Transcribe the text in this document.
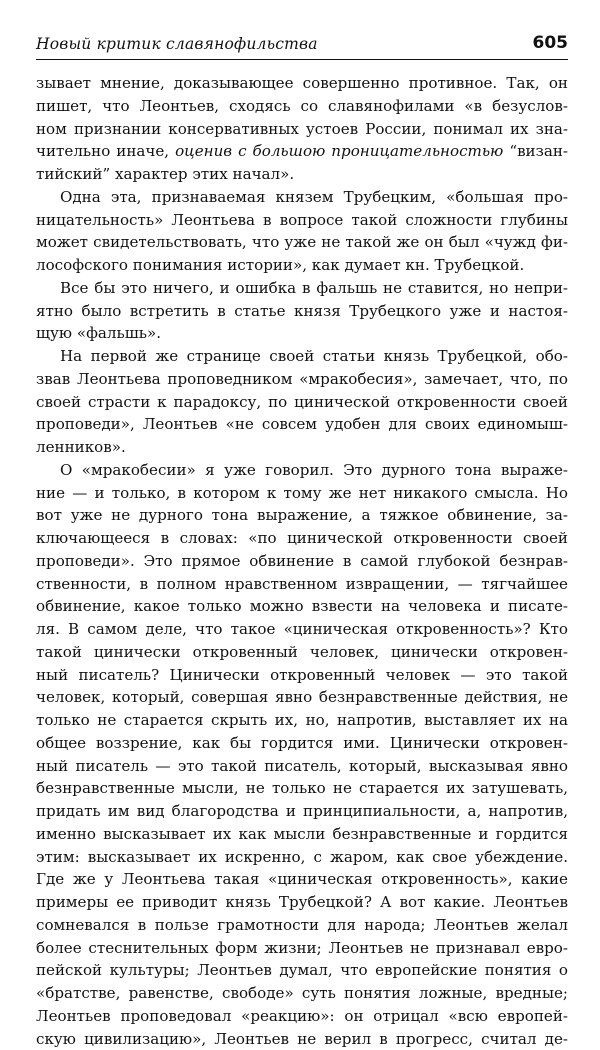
Новый критик славянофильства	605
зывает мнение, доказывающее совершенно противное. Так, он
пишет, что Леонтьев, сходясь со славянофилами «в безуслов-
ном признании консервативных устоев России, понимал их зна-
чительно иначе, оценив с большою проницательностью “визан-
тийский” характер этих начал».
Одна эта, признаваемая князем Трубецким, «большая про-
ницательность» Леонтьева в вопросе такой сложности глубины
может свидетельствовать, что уже не такой же он был «чужд фи-
лософского понимания истории», как думает кн. Трубецкой.
Все бы это ничего, и ошибка в фальшь не ставится, но непри-
ятно было встретить в статье князя Трубецкого уже и настоя-
щую «фальшь».
На первой же странице своей статьи князь Трубецкой, обо-
звав Леонтьева проповедником «мракобесия», замечает, что, по
своей страсти к парадоксу, по цинической откровенности своей
проповеди», Леонтьев «не совсем удобен для своих единомыш-
ленников».
О «мракобесии» я уже говорил. Это дурного тона выраже-
ние — и только, в котором к тому же нет никакого смысла. Но
вот уже не дурного тона выражение, а тяжкое обвинение, за-
ключающееся в словах: «по цинической откровенности своей
проповеди». Это прямое обвинение в самой глубокой безнрав-
ственности, в полном нравственном извращении, — тягчайшее
обвинение, какое только можно взвести на человека и писате-
ля. В самом деле, что такое «циническая откровенность»? Кто
такой цинически откровенный человек, цинически откровен-
ный писатель? Цинически откровенный человек — это такой
человек, который, совершая явно безнравственные действия, не
только не старается скрыть их, но, напротив, выставляет их на
общее воззрение, как бы гордится ими. Цинически откровен-
ный писатель — это такой писатель, который, высказывая явно
безнравственные мысли, не только не старается их затушевать,
придать им вид благородства и принципиальности, а, напротив,
именно высказывает их как мысли безнравственные и гордится
этим: высказывает их искренно, с жаром, как свое убеждение.
Где же у Леонтьева такая «циническая откровенность», какие
примеры ее приводит князь Трубецкой? А вот какие. Леонтьев
сомневался в пользе грамотности для народа; Леонтьев желал
более стеснительных форм жизни; Леонтьев не признавал евро-
пейской культуры; Леонтьев думал, что европейские понятия о
«братстве, равенстве, свободе» суть понятия ложные, вредные;
Леонтьев проповедовал «реакцию»: он отрицал «всю европей-
скую цивилизацию», Леонтьев не верил в прогресс, считал де-
